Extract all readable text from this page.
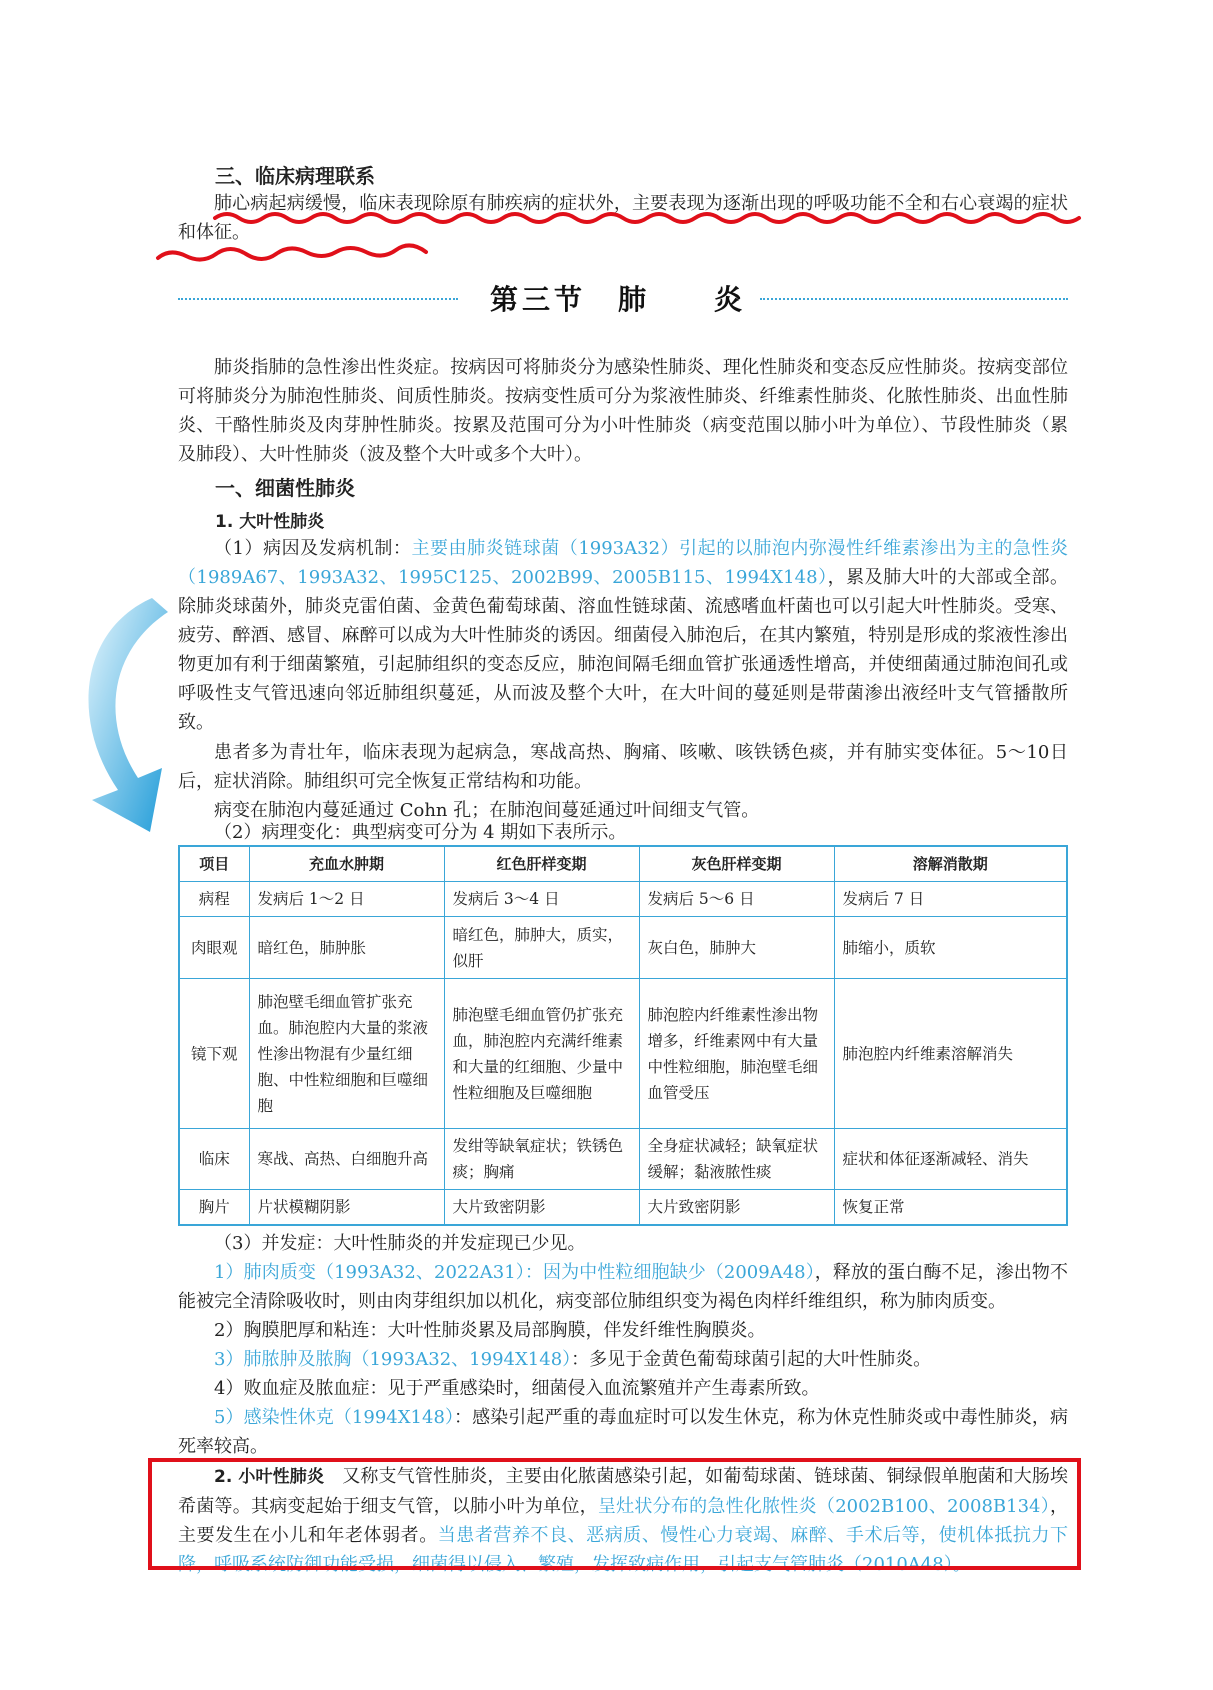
三、临床病理联系
肺心病起病缓慢，临床表现除原有肺疾病的症状外，主要表现为逐渐出现的呼吸功能不全和右心衰竭的症状和体征。
第三节　肺　　炎
肺炎指肺的急性渗出性炎症。按病因可将肺炎分为感染性肺炎、理化性肺炎和变态反应性肺炎。按病变部位可将肺炎分为肺泡性肺炎、间质性肺炎。按病变性质可分为浆液性肺炎、纤维素性肺炎、化脓性肺炎、出血性肺炎、干酪性肺炎及肉芽肿性肺炎。按累及范围可分为小叶性肺炎（病变范围以肺小叶为单位）、节段性肺炎（累及肺段）、大叶性肺炎（波及整个大叶或多个大叶）。
一、细菌性肺炎
1. 大叶性肺炎
（1）病因及发病机制：主要由肺炎链球菌（1993A32）引起的以肺泡内弥漫性纤维素渗出为主的急性炎（1989A67、1993A32、1995C125、2002B99、2005B115、1994X148），累及肺大叶的大部或全部。除肺炎球菌外，肺炎克雷伯菌、金黄色葡萄球菌、溶血性链球菌、流感嗜血杆菌也可以引起大叶性肺炎。受寒、疲劳、醉酒、感冒、麻醉可以成为大叶性肺炎的诱因。细菌侵入肺泡后，在其内繁殖，特别是形成的浆液性渗出物更加有利于细菌繁殖，引起肺组织的变态反应，肺泡间隔毛细血管扩张通透性增高，并使细菌通过肺泡间孔或呼吸性支气管迅速向邻近肺组织蔓延，从而波及整个大叶，在大叶间的蔓延则是带菌渗出液经叶支气管播散所致。
患者多为青壮年，临床表现为起病急，寒战高热、胸痛、咳嗽、咳铁锈色痰，并有肺实变体征。5～10日后，症状消除。肺组织可完全恢复正常结构和功能。
病变在肺泡内蔓延通过 Cohn 孔；在肺泡间蔓延通过叶间细支气管。
（2）病理变化：典型病变可分为 4 期如下表所示。
项目	充血水肿期	红色肝样变期	灰色肝样变期	溶解消散期
病程	发病后 1～2 日	发病后 3～4 日	发病后 5～6 日	发病后 7 日
肉眼观	暗红色，肺肿胀	暗红色，肺肿大，质实，似肝	灰白色，肺肿大	肺缩小，质软
镜下观	肺泡壁毛细血管扩张充血。肺泡腔内大量的浆液性渗出物混有少量红细胞、中性粒细胞和巨噬细胞	肺泡壁毛细血管仍扩张充血，肺泡腔内充满纤维素和大量的红细胞、少量中性粒细胞及巨噬细胞	肺泡腔内纤维素性渗出物增多，纤维素网中有大量中性粒细胞，肺泡壁毛细血管受压	肺泡腔内纤维素溶解消失
临床	寒战、高热、白细胞升高	发绀等缺氧症状；铁锈色痰；胸痛	全身症状减轻；缺氧症状缓解；黏液脓性痰	症状和体征逐渐减轻、消失
胸片	片状模糊阴影	大片致密阴影	大片致密阴影	恢复正常
（3）并发症：大叶性肺炎的并发症现已少见。
1）肺肉质变（1993A32、2022A31）：因为中性粒细胞缺少（2009A48），释放的蛋白酶不足，渗出物不能被完全清除吸收时，则由肉芽组织加以机化，病变部位肺组织变为褐色肉样纤维组织，称为肺肉质变。
2）胸膜肥厚和粘连：大叶性肺炎累及局部胸膜，伴发纤维性胸膜炎。
3）肺脓肿及脓胸（1993A32、1994X148）：多见于金黄色葡萄球菌引起的大叶性肺炎。
4）败血症及脓血症：见于严重感染时，细菌侵入血流繁殖并产生毒素所致。
5）感染性休克（1994X148）：感染引起严重的毒血症时可以发生休克，称为休克性肺炎或中毒性肺炎，病死率较高。
2. 小叶性肺炎　又称支气管性肺炎，主要由化脓菌感染引起，如葡萄球菌、链球菌、铜绿假单胞菌和大肠埃希菌等。其病变起始于细支气管，以肺小叶为单位，呈灶状分布的急性化脓性炎（2002B100、2008B134），主要发生在小儿和年老体弱者。当患者营养不良、恶病质、慢性心力衰竭、麻醉、手术后等，使机体抵抗力下降，呼吸系统防御功能受损，细菌得以侵入、繁殖，发挥致病作用，引起支气管肺炎（2010A48）。
